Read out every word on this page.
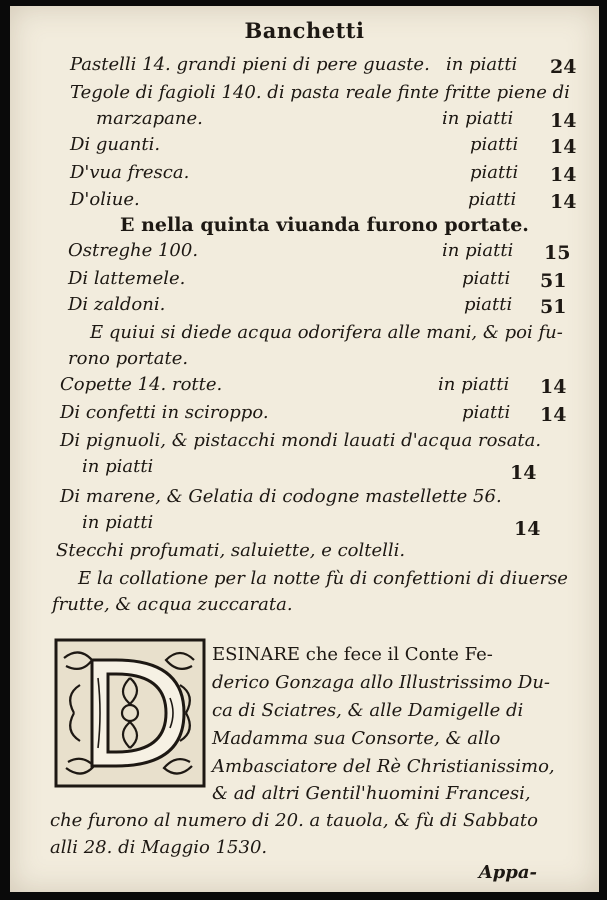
Banchetti
Pastelli 14. grandi pieni di pere guaste. in piatti 24
Tegole di fagioli 140. di pasta reale finte fritte piene di
marzapane.	in piatti 14
Di guanti.	piatti 14
D'vua fresca.	piatti 14
D'oliue.	piatti 14
E nella quinta viuanda furono portate.
Ostreghe 100.	in piatti 15
Di lattemele.	piatti 51
Di zaldoni.	piatti 51
E quiui si diede acqua odorifera alle mani, & poi fu-
rono portate.
Copette 14. rotte.	in piatti 14
Di confetti in sciroppo.	piatti 14
Di pignuoli, & pistacchi mondi lauati d'acqua rosata.
in piatti	14
Di marene, & Gelatia di codogne mastellette 56.
in piatti	14
Stecchi profumati, saluiette, e coltelli.
E la collatione per la notte fù di confettioni di diuerse
frutte, & acqua zuccarata.
D
ESINARE che fece il Conte Fe-
derico Gonzaga allo Illustrissimo Du-
ca di Sciatres, & alle Damigelle di
Madamma sua Consorte, & allo
Ambasciatore del Rè Christianissimo,
& ad altri Gentil'huomini Francesi,
che furono al numero di 20. a tauola, & fù di Sabbato
alli 28. di Maggio 1530.
Appa-
